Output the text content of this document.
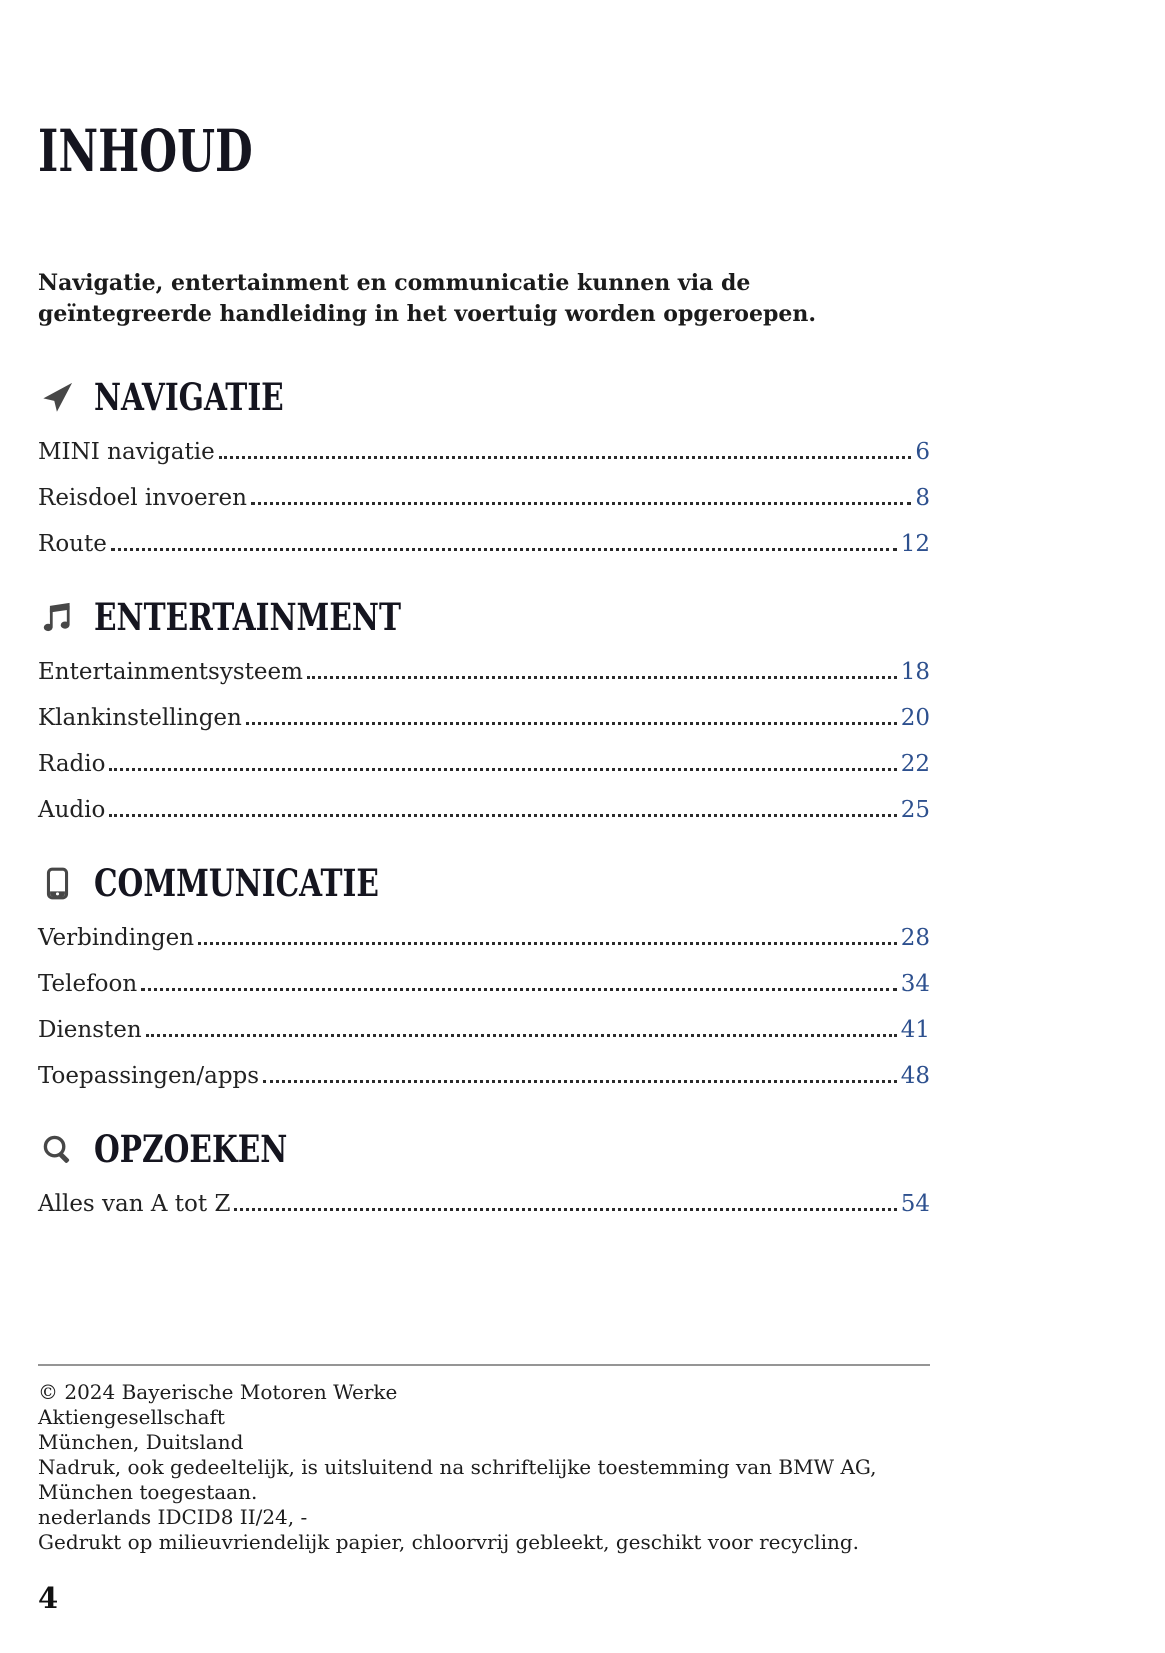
INHOUD

Navigatie, entertainment en communicatie kunnen via de geïntegreerde handleiding in het voertuig worden opgeroepen.

NAVIGATIE
MINI navigatie	6
Reisdoel invoeren	8
Route	12
ENTERTAINMENT
Entertainmentsysteem	18
Klankinstellingen	20
Radio	22
Audio	25
COMMUNICATIE
Verbindingen	28
Telefoon	34
Diensten	41
Toepassingen/apps	48
OPZOEKEN
Alles van A tot Z	54
© 2024 Bayerische Motoren Werke
Aktiengesellschaft
München, Duitsland
Nadruk, ook gedeeltelijk, is uitsluitend na schriftelijke toestemming van BMW AG, München toegestaan.
nederlands IDCID8 II/24, -
Gedrukt op milieuvriendelijk papier, chloorvrij gebleekt, geschikt voor recycling.
4
